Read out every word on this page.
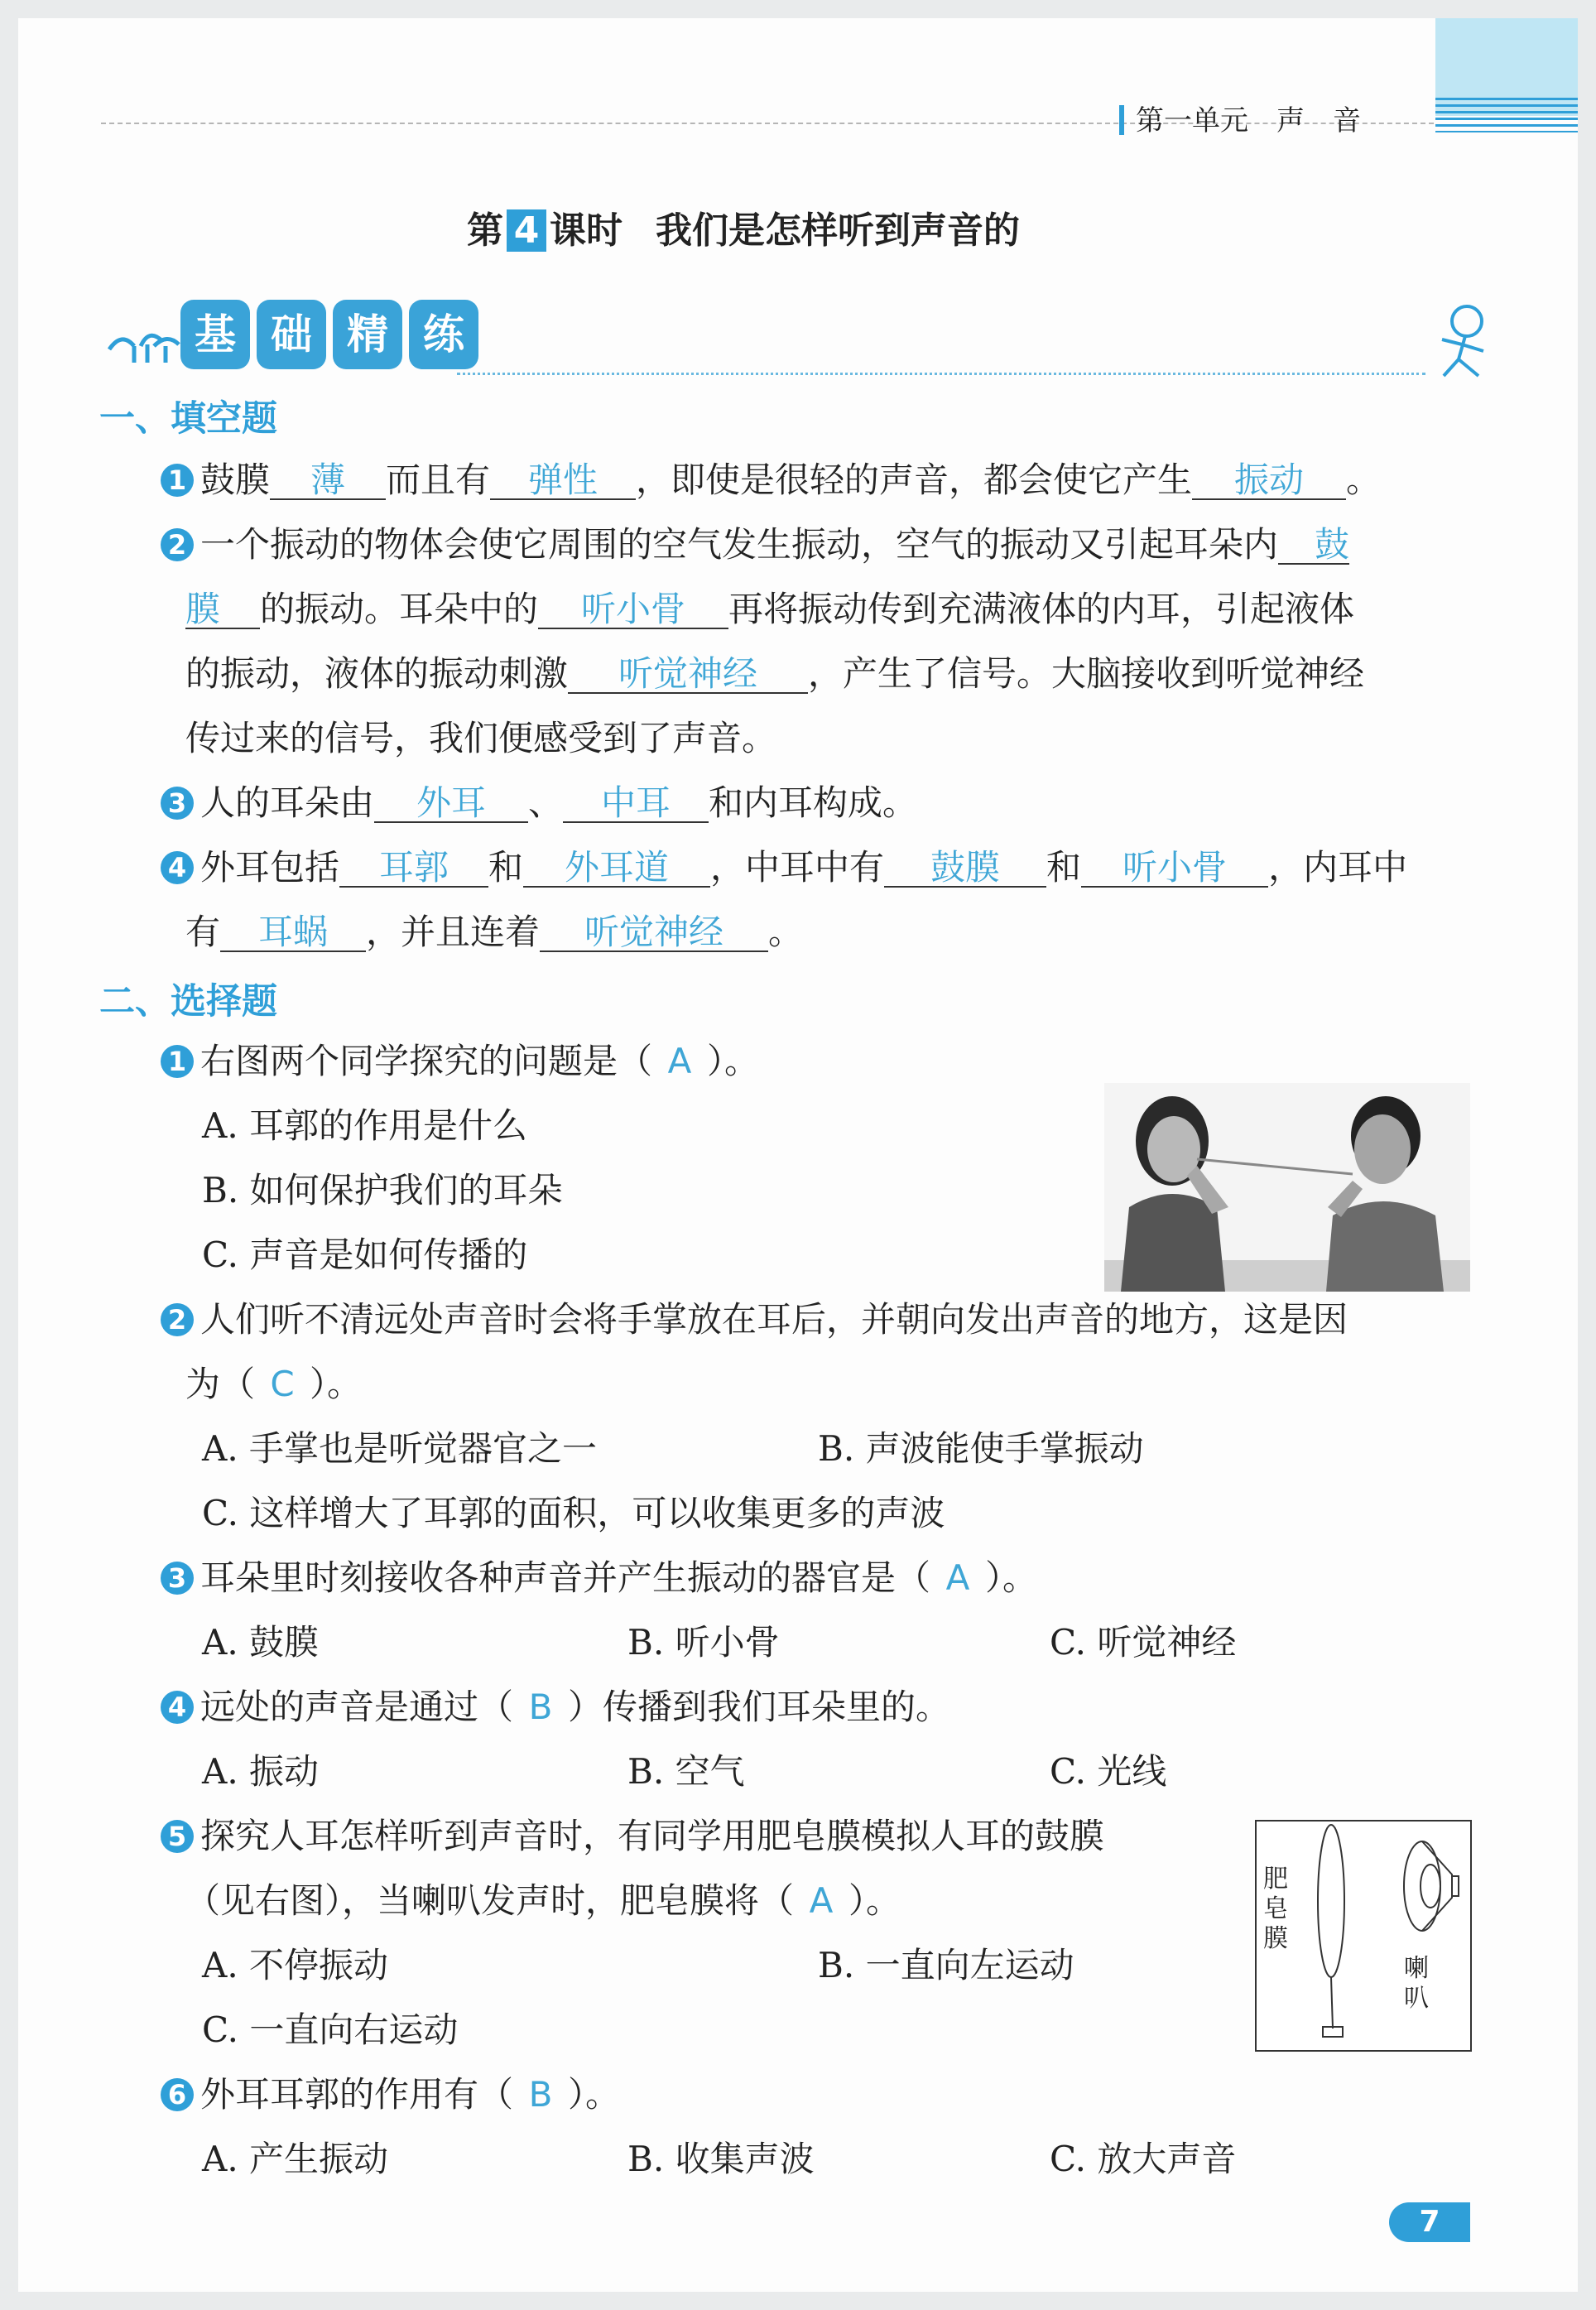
第一单元 声　音
第 4 课时 我们是怎样听到声音的
基 础 精 练
一、填空题
1 鼓膜 薄 而且有 弹性 ，即使是很轻的声音，都会使它产生 振动 。
2 一个振动的物体会使它周围的空气发生振动，空气的振动又引起耳朵内 鼓
膜 的振动。耳朵中的 听小骨 再将振动传到充满液体的内耳，引起液体
的振动，液体的振动刺激 听觉神经 ，产生了信号。大脑接收到听觉神经
传过来的信号，我们便感受到了声音。
3 人的耳朵由 外耳 、 中耳 和内耳构成。
4 外耳包括 耳郭 和 外耳道 ，中耳中有 鼓膜 和 听小骨 ，内耳中
有 耳蜗 ，并且连着 听觉神经 。
二、选择题
1 右图两个同学探究的问题是（ A ）。
A. 耳郭的作用是什么
B. 如何保护我们的耳朵
C. 声音是如何传播的
2 人们听不清远处声音时会将手掌放在耳后，并朝向发出声音的地方，这是因
为（ C ）。
A. 手掌也是听觉器官之一	B. 声波能使手掌振动
C. 这样增大了耳郭的面积，可以收集更多的声波
3 耳朵里时刻接收各种声音并产生振动的器官是（ A ）。
A. 鼓膜	B. 听小骨	C. 听觉神经
4 远处的声音是通过（ B ）传播到我们耳朵里的。
A. 振动	B. 空气	C. 光线
5 探究人耳怎样听到声音时，有同学用肥皂膜模拟人耳的鼓膜
（见右图），当喇叭发声时，肥皂膜将（ A ）。
A. 不停振动	B. 一直向左运动
C. 一直向右运动
肥皂膜
喇叭
6 外耳耳郭的作用有（ B ）。
A. 产生振动	B. 收集声波	C. 放大声音
7
